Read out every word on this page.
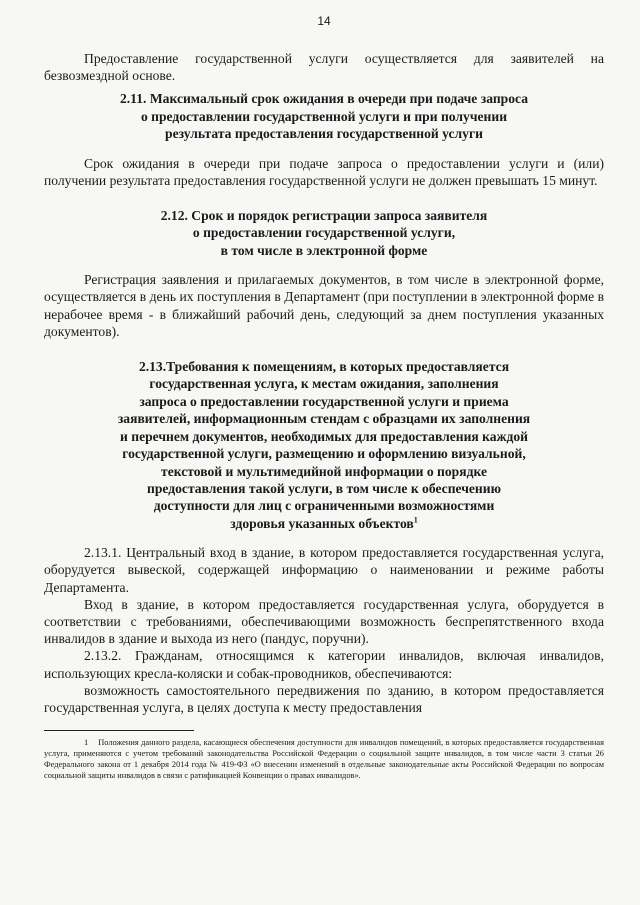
14

Предоставление государственной услуги осуществляется для заявителей на безвозмездной основе.

2.11. Максимальный срок ожидания в очереди при подаче запроса
о предоставлении государственной услуги и при получении
результата предоставления государственной услуги

Срок ожидания в очереди при подаче запроса о предоставлении услуги и (или) получении результата предоставления государственной услуги не должен превышать 15 минут.

2.12. Срок и порядок регистрации запроса заявителя
о предоставлении государственной услуги,
в том числе в электронной форме

Регистрация заявления и прилагаемых документов, в том числе в электронной форме, осуществляется в день их поступления в Департамент (при поступлении в электронной форме в нерабочее время - в ближайший рабочий день, следующий за днем поступления указанных документов).

2.13.Требования к помещениям, в которых предоставляется
государственная услуга, к местам ожидания, заполнения
запроса о предоставлении государственной услуги и приема
заявителей, информационным стендам с образцами их заполнения
и перечнем документов, необходимых для предоставления каждой
государственной услуги, размещению и оформлению визуальной,
текстовой и мультимедийной информации о порядке
предоставления такой услуги, в том числе к обеспечению
доступности для лиц с ограниченными возможностями
здоровья указанных объектов$^1$

2.13.1. Центральный вход в здание, в котором предоставляется государственная услуга, оборудуется вывеской, содержащей информацию о наименовании и режиме работы Департамента.

Вход в здание, в котором предоставляется государственная услуга, оборудуется в соответствии с требованиями, обеспечивающими возможность беспрепятственного входа инвалидов в здание и выхода из него (пандус, поручни).

2.13.2. Гражданам, относящимся к категории инвалидов, включая инвалидов, использующих кресла-коляски и собак-проводников, обеспечиваются:

возможность самостоятельного передвижения по зданию, в котором предоставляется государственная услуга, в целях доступа к месту предоставления

1 Положения данного раздела, касающиеся обеспечения доступности для инвалидов помещений, в которых предоставляется государственная услуга, применяются с учетом требований законодательства Российской Федерации о социальной защите инвалидов, в том числе части 3 статьи 26 Федерального закона от 1 декабря 2014 года № 419-ФЗ «О внесении изменений в отдельные законодательные акты Российской Федерации по вопросам социальной защиты инвалидов в связи с ратификацией Конвенции о правах инвалидов».
